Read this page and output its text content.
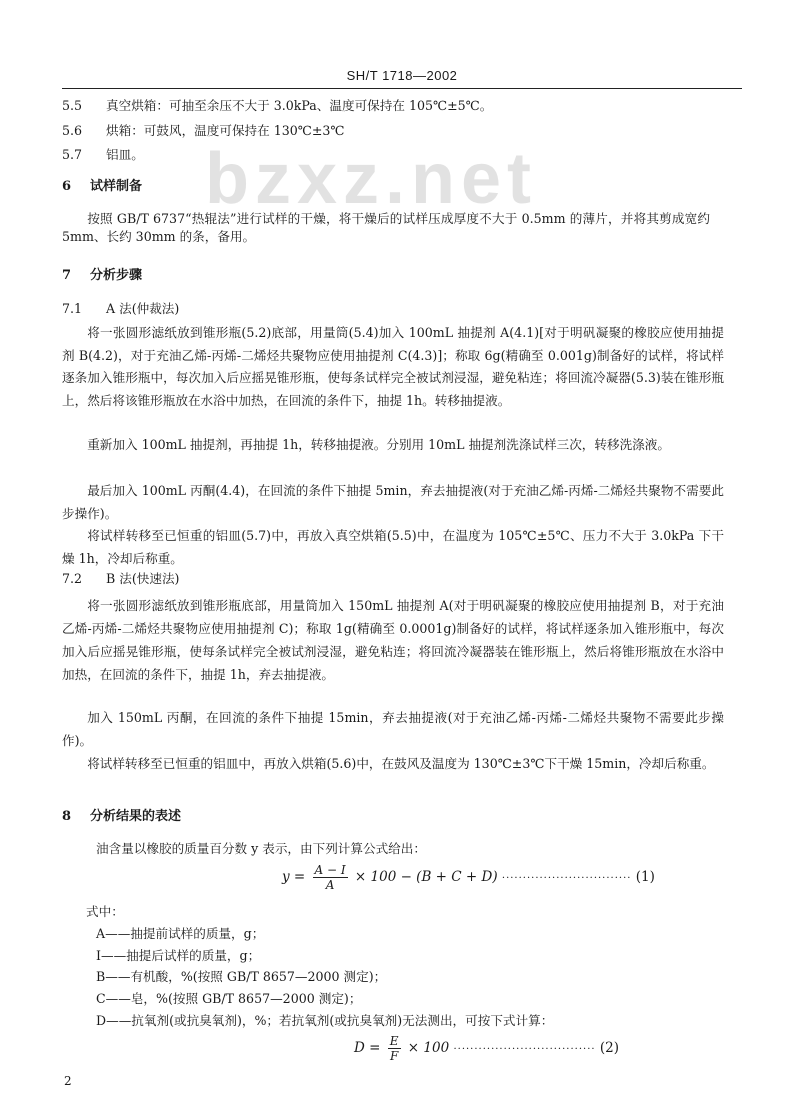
SH/T 1718—2002
bzxz.net
5.5 真空烘箱：可抽至余压不大于 3.0kPa、温度可保持在 105℃±5℃。
5.6 烘箱：可鼓风，温度可保持在 130℃±3℃
5.7 铝皿。
6 试样制备
按照 GB/T 6737“热辊法”进行试样的干燥，将干燥后的试样压成厚度不大于 0.5mm 的薄片，并将其剪成宽约 5mm、长约 30mm 的条，备用。
7 分析步骤
7.1 A 法(仲裁法)
将一张圆形滤纸放到锥形瓶(5.2)底部，用量筒(5.4)加入 100mL 抽提剂 A(4.1)[对于明矾凝聚的橡胶应使用抽提剂 B(4.2)，对于充油乙烯-丙烯-二烯烃共聚物应使用抽提剂 C(4.3)]；称取 6g(精确至 0.001g)制备好的试样，将试样逐条加入锥形瓶中，每次加入后应摇晃锥形瓶，使每条试样完全被试剂浸湿，避免粘连；将回流冷凝器(5.3)装在锥形瓶上，然后将该锥形瓶放在水浴中加热，在回流的条件下，抽提 1h。转移抽提液。
重新加入 100mL 抽提剂，再抽提 1h，转移抽提液。分别用 10mL 抽提剂洗涤试样三次，转移洗涤液。
最后加入 100mL 丙酮(4.4)，在回流的条件下抽提 5min，弃去抽提液(对于充油乙烯-丙烯-二烯烃共聚物不需要此步操作)。
将试样转移至已恒重的铝皿(5.7)中，再放入真空烘箱(5.5)中，在温度为 105℃±5℃、压力不大于 3.0kPa 下干燥 1h，冷却后称重。
7.2 B 法(快速法)
将一张圆形滤纸放到锥形瓶底部，用量筒加入 150mL 抽提剂 A(对于明矾凝聚的橡胶应使用抽提剂 B，对于充油乙烯-丙烯-二烯烃共聚物应使用抽提剂 C)；称取 1g(精确至 0.0001g)制备好的试样，将试样逐条加入锥形瓶中，每次加入后应摇晃锥形瓶，使每条试样完全被试剂浸湿，避免粘连；将回流冷凝器装在锥形瓶上，然后将锥形瓶放在水浴中加热，在回流的条件下，抽提 1h，弃去抽提液。
加入 150mL 丙酮，在回流的条件下抽提 15min，弃去抽提液(对于充油乙烯-丙烯-二烯烃共聚物不需要此步操作)。
将试样转移至已恒重的铝皿中，再放入烘箱(5.6)中，在鼓风及温度为 130℃±3℃下干燥 15min，冷却后称重。
8 分析结果的表述
油含量以橡胶的质量百分数 y 表示，由下列计算公式给出：
$y = \frac{A - I}{A} \times 100 - (B + C + D)$ ······························· (1)
式中：
A——抽提前试样的质量，g；
I——抽提后试样的质量，g；
B——有机酸，%(按照 GB/T 8657—2000 测定)；
C——皂，%(按照 GB/T 8657—2000 测定)；
D——抗氧剂(或抗臭氧剂)，%；若抗氧剂(或抗臭氧剂)无法测出，可按下式计算：
$D = \frac{E}{F} \times 100$ ·································· (2)
2
